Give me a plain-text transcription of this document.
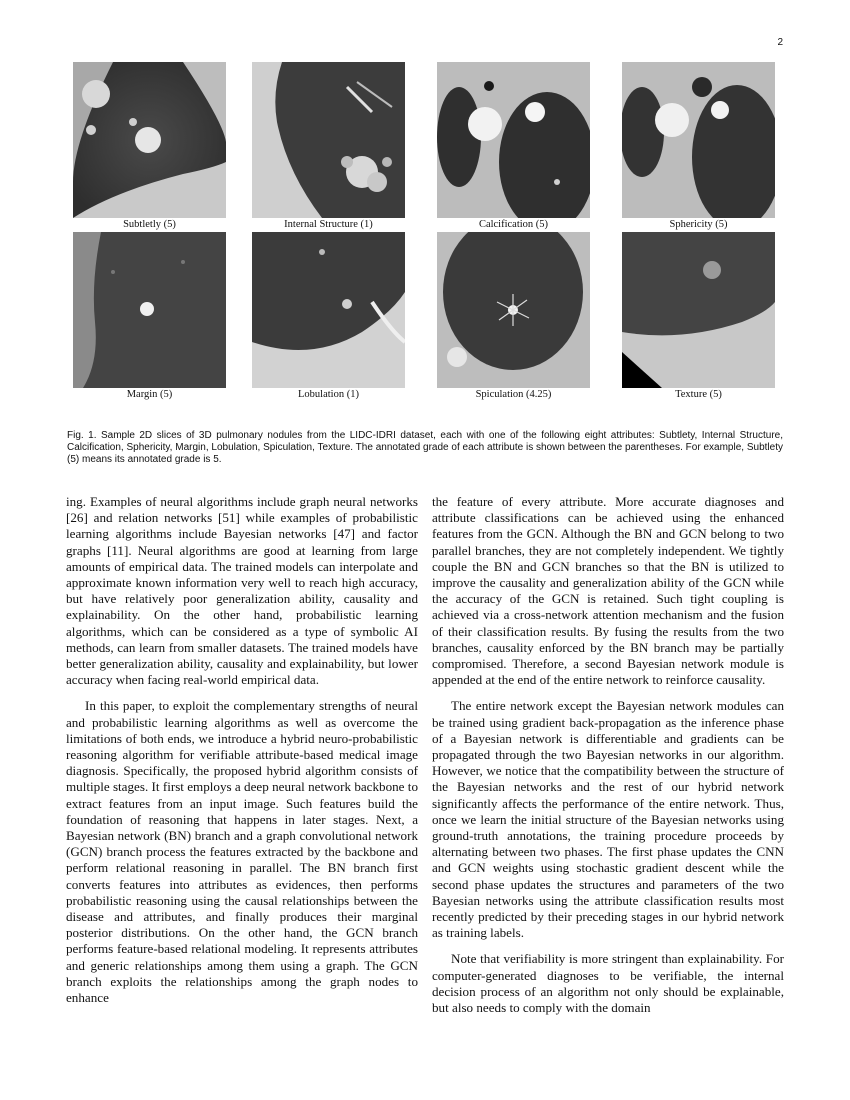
2
Subtletly (5)	Internal Structure (1)	Calcification (5)	Sphericity (5)
Margin (5)	Lobulation (1)	Spiculation (4.25)	Texture (5)
Fig. 1. Sample 2D slices of 3D pulmonary nodules from the LIDC-IDRI dataset, each with one of the following eight attributes: Subtlety, Internal Structure, Calcification, Sphericity, Margin, Lobulation, Spiculation, Texture. The annotated grade of each attribute is shown between the parentheses. For example, Subtlety (5) means its annotated grade is 5.

ing. Examples of neural algorithms include graph neural networks [26] and relation networks [51] while examples of probabilistic learning algorithms include Bayesian networks [47] and factor graphs [11]. Neural algorithms are good at learning from large amounts of empirical data. The trained models can interpolate and approximate known information very well to reach high accuracy, but have relatively poor generalization ability, causality and explainability. On the other hand, probabilistic learning algorithms, which can be considered as a type of symbolic AI methods, can learn from smaller datasets. The trained models have better generalization ability, causality and explainability, but lower accuracy when facing real-world empirical data.

In this paper, to exploit the complementary strengths of neural and probabilistic learning algorithms as well as overcome the limitations of both ends, we introduce a hybrid neuro-probabilistic reasoning algorithm for verifiable attribute-based medical image diagnosis. Specifically, the proposed hybrid algorithm consists of multiple stages. It first employs a deep neural network backbone to extract features from an input image. Such features build the foundation of reasoning that happens in later stages. Next, a Bayesian network (BN) branch and a graph convolutional network (GCN) branch process the features extracted by the backbone and perform relational reasoning in parallel. The BN branch first converts features into attributes as evidences, then performs probabilistic reasoning using the causal relationships between the disease and attributes, and finally produces their marginal posterior distributions. On the other hand, the GCN branch performs feature-based relational modeling. It represents attributes and generic relationships among them using a graph. The GCN branch exploits the relationships among the graph nodes to enhance

the feature of every attribute. More accurate diagnoses and attribute classifications can be achieved using the enhanced features from the GCN. Although the BN and GCN belong to two parallel branches, they are not completely independent. We tightly couple the BN and GCN branches so that the BN is utilized to improve the causality and generalization ability of the GCN while the accuracy of the GCN is retained. Such tight coupling is achieved via a cross-network attention mechanism and the fusion of their classification results. By fusing the results from the two branches, causality enforced by the BN branch may be partially compromised. Therefore, a second Bayesian network module is appended at the end of the entire network to reinforce causality.

The entire network except the Bayesian network modules can be trained using gradient back-propagation as the inference phase of a Bayesian network is differentiable and gradients can be propagated through the two Bayesian networks in our algorithm. However, we notice that the compatibility between the structure of the Bayesian networks and the rest of our hybrid network significantly affects the performance of the entire network. Thus, once we learn the initial structure of the Bayesian networks using ground-truth annotations, the training procedure proceeds by alternating between two phases. The first phase updates the CNN and GCN weights using stochastic gradient descent while the second phase updates the structures and parameters of the two Bayesian networks using the attribute classification results most recently predicted by their preceding stages in our hybrid network as training labels.

Note that verifiability is more stringent than explainability. For computer-generated diagnoses to be verifiable, the internal decision process of an algorithm not only should be explainable, but also needs to comply with the domain
